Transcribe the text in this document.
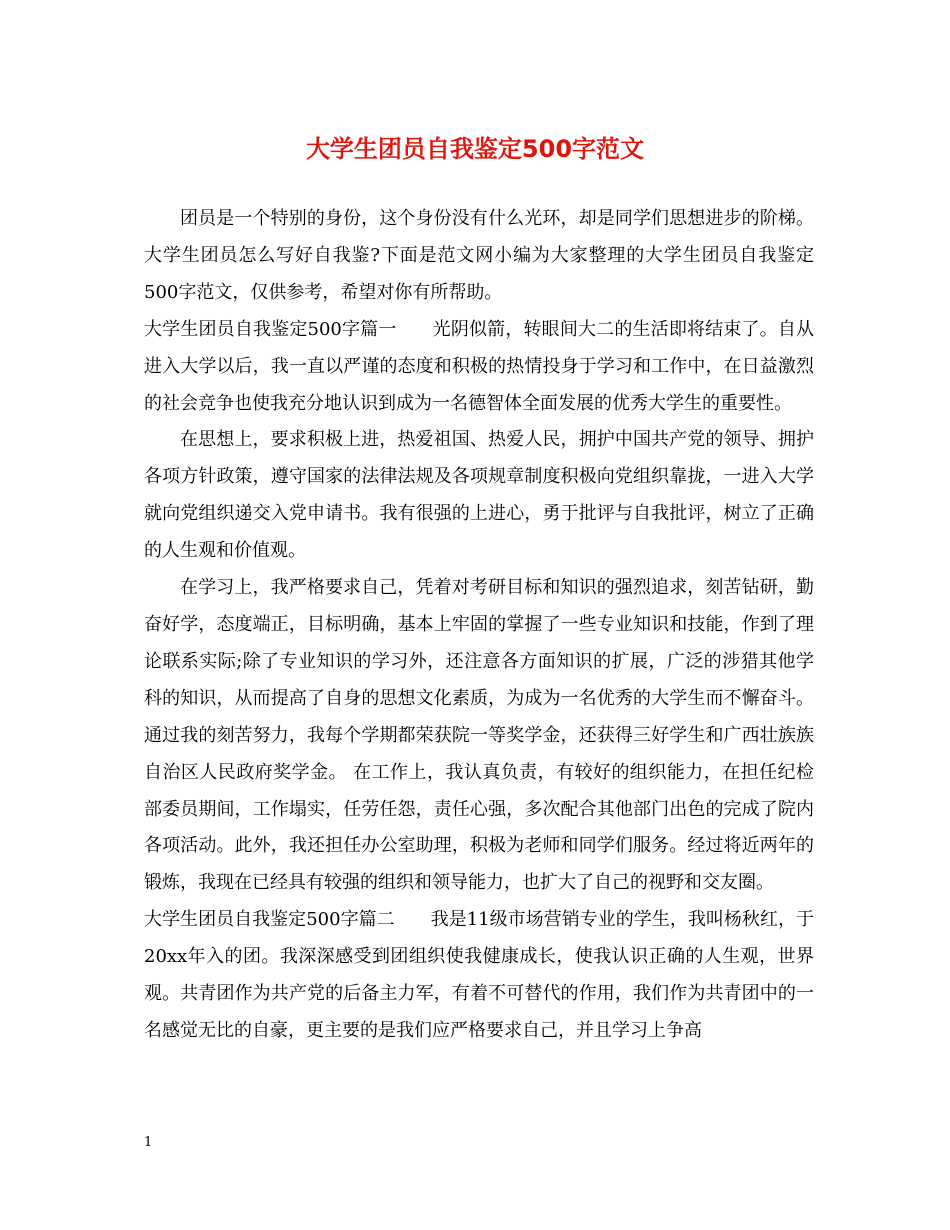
大学生团员自我鉴定500字范文

团员是一个特别的身份，这个身份没有什么光环，却是同学们思想进步的阶梯。大学生团员怎么写好自我鉴?下面是范文网小编为大家整理的大学生团员自我鉴定500字范文，仅供参考，希望对你有所帮助。

大学生团员自我鉴定500字篇一 光阴似箭，转眼间大二的生活即将结束了。自从进入大学以后，我一直以严谨的态度和积极的热情投身于学习和工作中，在日益激烈的社会竞争也使我充分地认识到成为一名德智体全面发展的优秀大学生的重要性。

在思想上，要求积极上进，热爱祖国、热爱人民，拥护中国共产党的领导、拥护各项方针政策，遵守国家的法律法规及各项规章制度积极向党组织靠拢，一进入大学就向党组织递交入党申请书。我有很强的上进心，勇于批评与自我批评，树立了正确的人生观和价值观。

在学习上，我严格要求自己，凭着对考研目标和知识的强烈追求，刻苦钻研，勤奋好学，态度端正，目标明确，基本上牢固的掌握了一些专业知识和技能，作到了理论联系实际;除了专业知识的学习外，还注意各方面知识的扩展，广泛的涉猎其他学科的知识，从而提高了自身的思想文化素质，为成为一名优秀的大学生而不懈奋斗。通过我的刻苦努力，我每个学期都荣获院一等奖学金，还获得三好学生和广西壮族族自治区人民政府奖学金。 在工作上，我认真负责，有较好的组织能力，在担任纪检部委员期间，工作塌实，任劳任怨，责任心强，多次配合其他部门出色的完成了院内各项活动。此外，我还担任办公室助理，积极为老师和同学们服务。经过将近两年的锻炼，我现在已经具有较强的组织和领导能力，也扩大了自己的视野和交友圈。

大学生团员自我鉴定500字篇二 我是11级市场营销专业的学生，我叫杨秋红，于20xx年入的团。我深深感受到团组织使我健康成长，使我认识正确的人生观，世界观。共青团作为共产党的后备主力军，有着不可替代的作用，我们作为共青团中的一名感觉无比的自豪，更主要的是我们应严格要求自己，并且学习上争高

1
